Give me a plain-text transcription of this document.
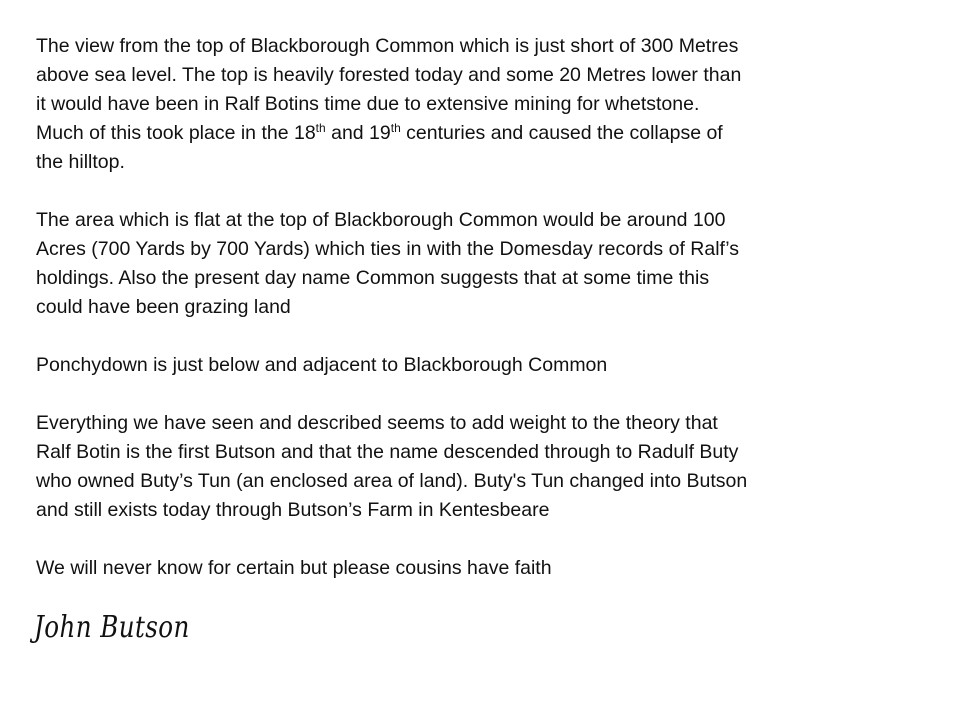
The view from the top of Blackborough Common which is just short of 300 Metres
above sea level. The top is heavily forested today and some 20 Metres lower than
it would have been in Ralf Botins time due to extensive mining for whetstone.
Much of this took place in the 18th and 19th centuries and caused the collapse of
the hilltop.

The area which is flat at the top of Blackborough Common would be around 100
Acres (700 Yards by 700 Yards) which ties in with the Domesday records of Ralf’s
holdings. Also the present day name Common suggests that at some time this
could have been grazing land

Ponchydown is just below and adjacent to Blackborough Common

Everything we have seen and described seems to add weight to the theory that
Ralf Botin is the first Butson and that the name descended through to Radulf Buty
who owned Buty’s Tun (an enclosed area of land). Buty's Tun changed into Butson
and still exists today through Butson’s Farm in Kentesbeare

We will never know for certain but please cousins have faith

John Butson
